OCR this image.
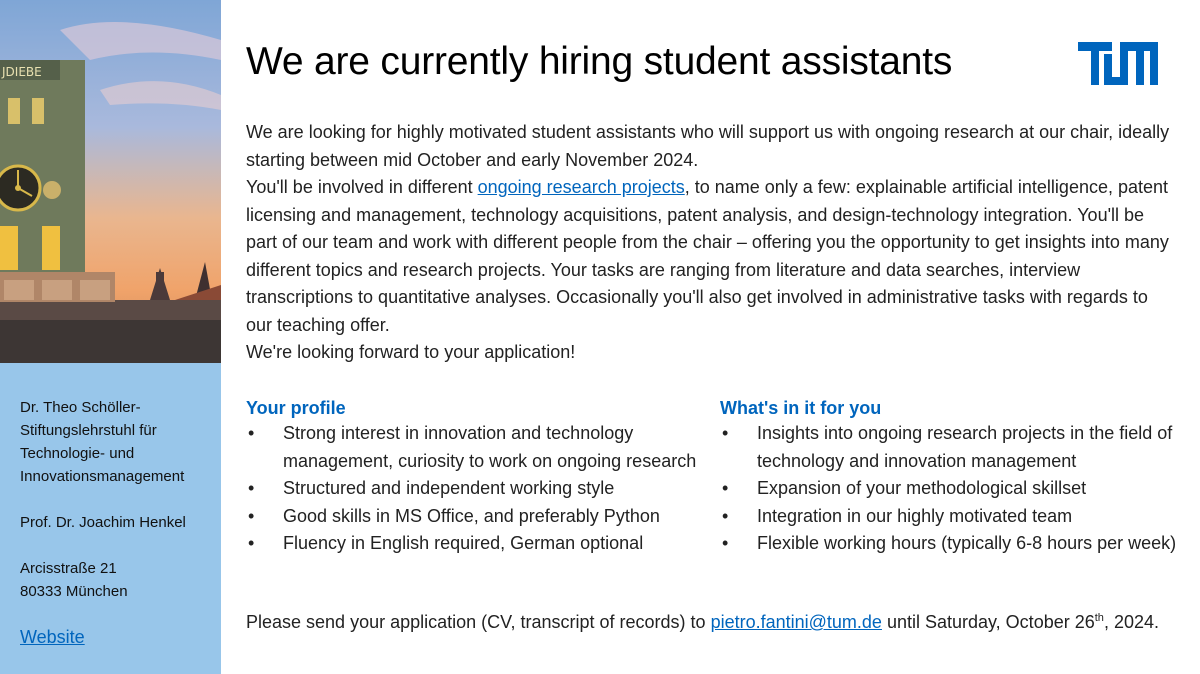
JDIEBE
Dr. Theo Schöller-Stiftungslehrstuhl für Technologie- und Innovationsmanagement
Prof. Dr. Joachim Henkel
Arcisstraße 21
80333 München
Website
We are currently hiring student assistants

We are looking for highly motivated student assistants who will support us with ongoing research at our chair, ideally starting between mid October and early November 2024.

You'll be involved in different ongoing research projects, to name only a few: explainable artificial intelligence, patent licensing and management, technology acquisitions, patent analysis, and design-technology integration. You'll be part of our team and work with different people from the chair – offering you the opportunity to get insights into many different topics and research projects. Your tasks are ranging from literature and data searches, interview transcriptions to quantitative analyses. Occasionally you'll also get involved in administrative tasks with regards to our teaching offer.

We're looking forward to your application!

Your profile
• Strong interest in innovation and technology management, curiosity to work on ongoing research
• Structured and independent working style
• Good skills in MS Office, and preferably Python
• Fluency in English required, German optional
What's in it for you
• Insights into ongoing research projects in the field of technology and innovation management
• Expansion of your methodological skillset
• Integration in our highly motivated team
• Flexible working hours (typically 6-8 hours per week)
Please send your application (CV, transcript of records) to pietro.fantini@tum.de until Saturday, October 26th, 2024.
